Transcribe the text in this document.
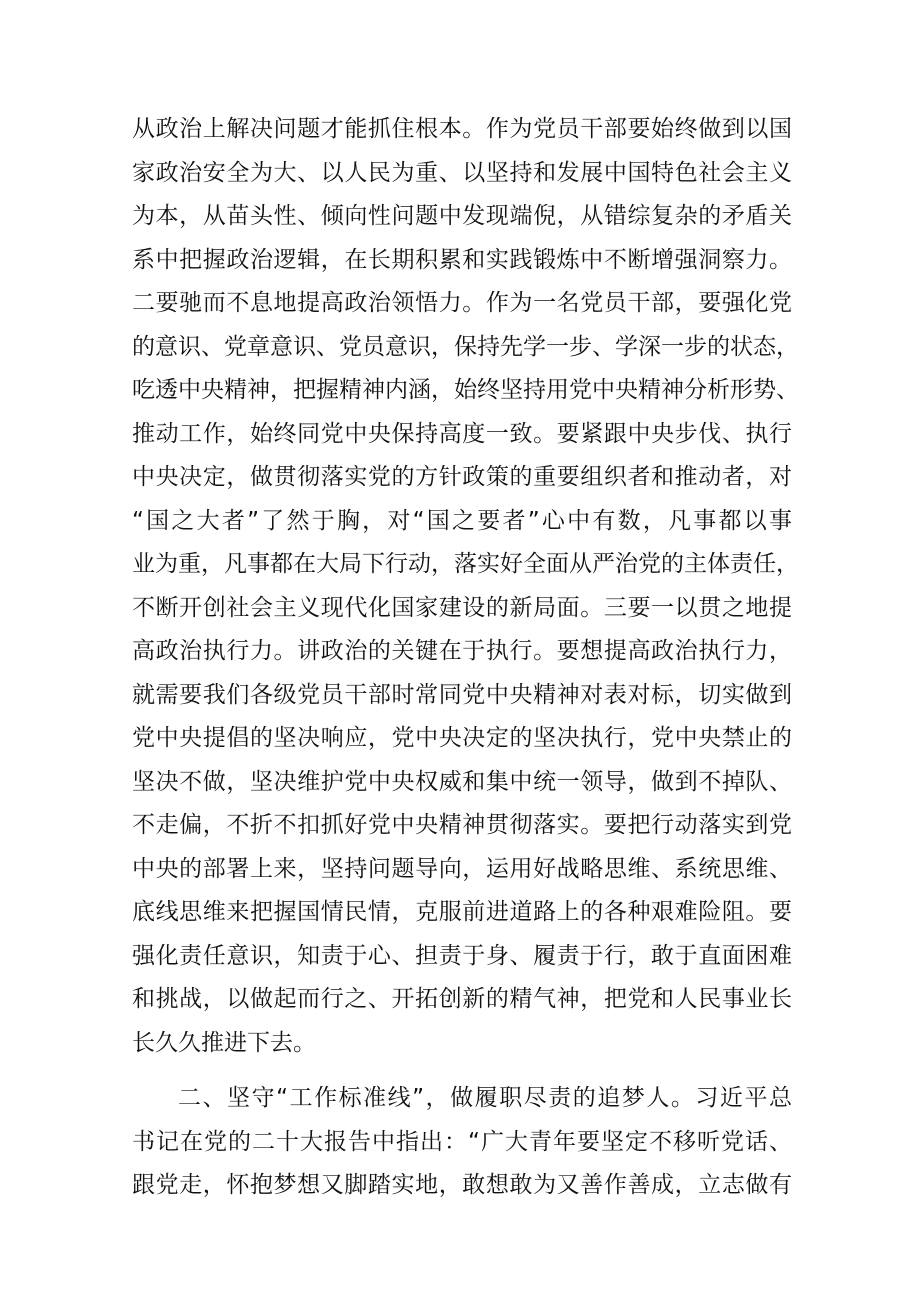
从政治上解决问题才能抓住根本。作为党员干部要始终做到以国
家政治安全为大、以人民为重、以坚持和发展中国特色社会主义
为本，从苗头性、倾向性问题中发现端倪，从错综复杂的矛盾关
系中把握政治逻辑，在长期积累和实践锻炼中不断增强洞察力。
二要驰而不息地提高政治领悟力。作为一名党员干部，要强化党
的意识、党章意识、党员意识，保持先学一步、学深一步的状态，
吃透中央精神，把握精神内涵，始终坚持用党中央精神分析形势、
推动工作，始终同党中央保持高度一致。要紧跟中央步伐、执行
中央决定，做贯彻落实党的方针政策的重要组织者和推动者，对
“国之大者”了然于胸，对“国之要者”心中有数，凡事都以事
业为重，凡事都在大局下行动，落实好全面从严治党的主体责任，
不断开创社会主义现代化国家建设的新局面。三要一以贯之地提
高政治执行力。讲政治的关键在于执行。要想提高政治执行力，
就需要我们各级党员干部时常同党中央精神对表对标，切实做到
党中央提倡的坚决响应，党中央决定的坚决执行，党中央禁止的
坚决不做，坚决维护党中央权威和集中统一领导，做到不掉队、
不走偏，不折不扣抓好党中央精神贯彻落实。要把行动落实到党
中央的部署上来，坚持问题导向，运用好战略思维、系统思维、
底线思维来把握国情民情，克服前进道路上的各种艰难险阻。要
强化责任意识，知责于心、担责于身、履责于行，敢于直面困难
和挑战，以做起而行之、开拓创新的精气神，把党和人民事业长
长久久推进下去。
二、坚守“工作标准线”，做履职尽责的追梦人。习近平总
书记在党的二十大报告中指出：“广大青年要坚定不移听党话、
跟党走，怀抱梦想又脚踏实地，敢想敢为又善作善成，立志做有
